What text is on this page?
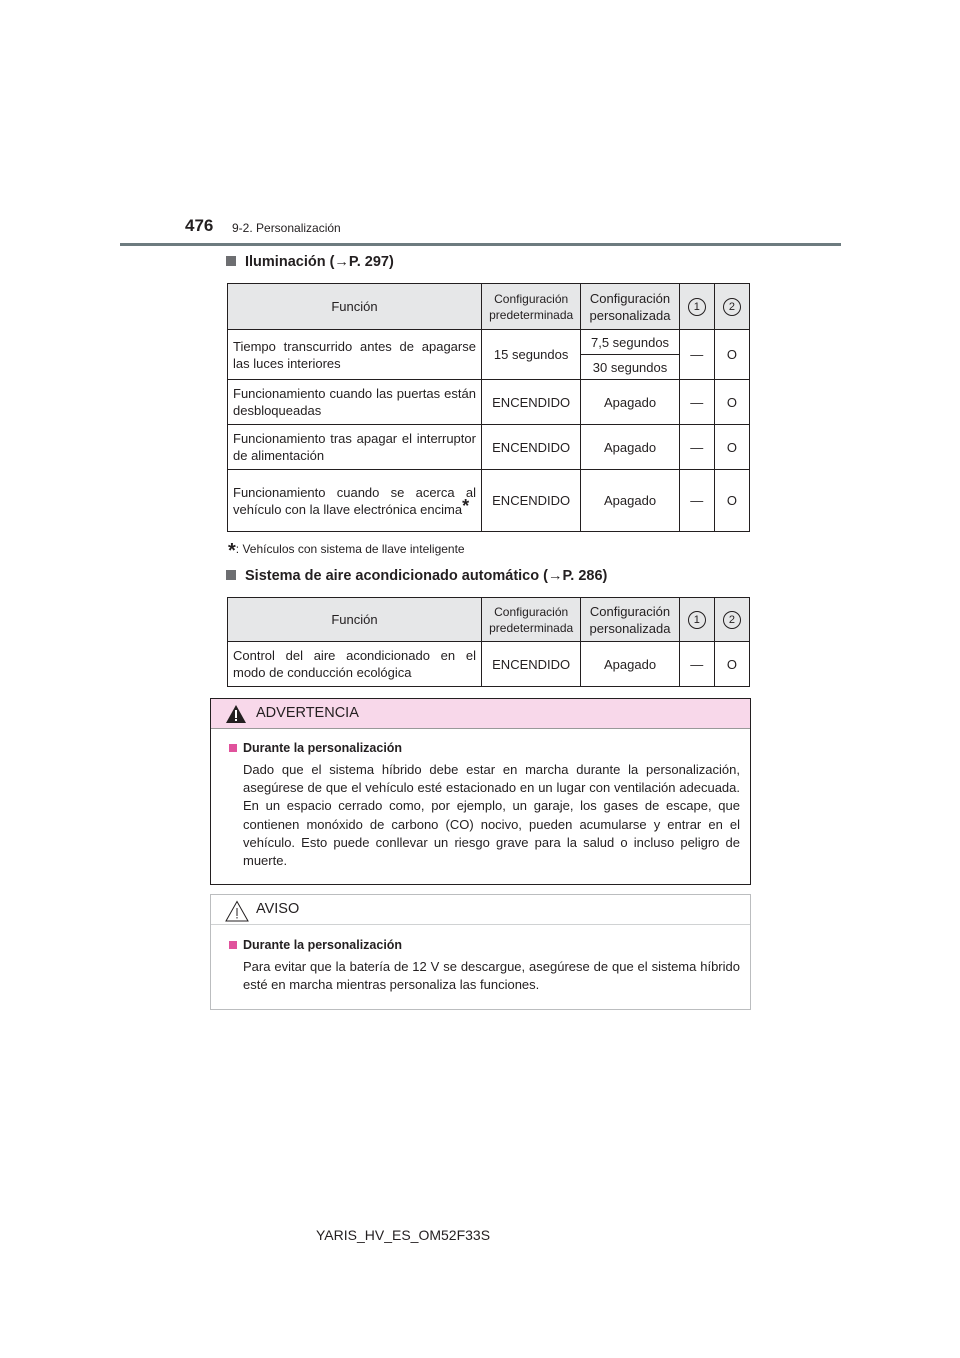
476 9-2. Personalización
Iluminación (→P. 297)
Función	Configuración predeterminada	Configuración personalizada	1	2
Tiempo transcurrido antes de apagarse las luces interiores	15 segundos	7,5 segundos	—	O
		30 segundos		
Funcionamiento cuando las puertas están desbloqueadas	ENCENDIDO	Apagado	—	O
Funcionamiento tras apagar el interruptor de alimentación	ENCENDIDO	Apagado	—	O
Funcionamiento cuando se acerca al vehículo con la llave electrónica encima*	ENCENDIDO	Apagado	—	O
*: Vehículos con sistema de llave inteligente
Sistema de aire acondicionado automático (→P. 286)
Función	Configuración predeterminada	Configuración personalizada	1	2
Control del aire acondicionado en el modo de conducción ecológica	ENCENDIDO	Apagado	—	O
ADVERTENCIA
Durante la personalización
Dado que el sistema híbrido debe estar en marcha durante la personalización, asegúrese de que el vehículo esté estacionado en un lugar con ventilación adecuada. En un espacio cerrado como, por ejemplo, un garaje, los gases de escape, que contienen monóxido de carbono (CO) nocivo, pueden acumularse y entrar en el vehículo. Esto puede conllevar un riesgo grave para la salud o incluso peligro de muerte.
AVISO
Durante la personalización
Para evitar que la batería de 12 V se descargue, asegúrese de que el sistema híbrido esté en marcha mientras personaliza las funciones.
YARIS_HV_ES_OM52F33S
